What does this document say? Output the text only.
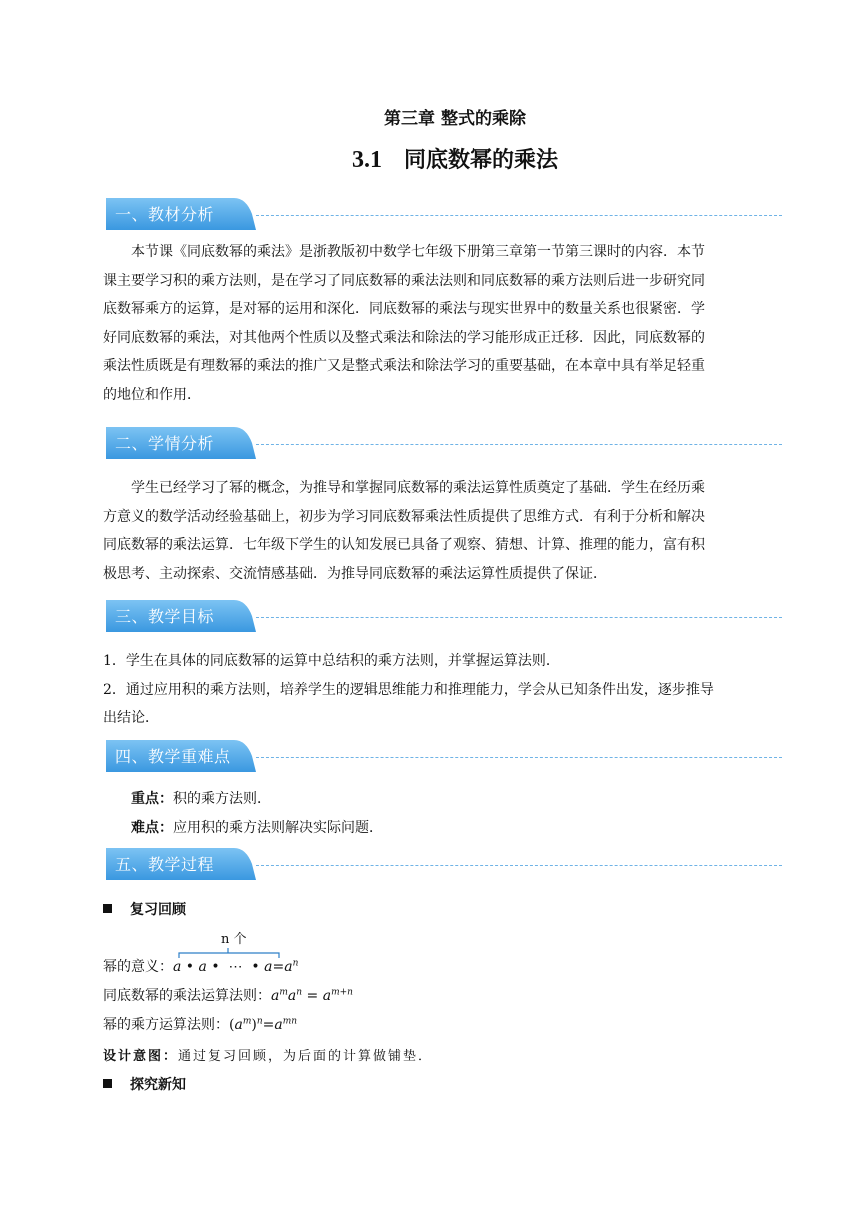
第三章 整式的乘除
3.1 同底数幂的乘法
一、教材分析
本节课《同底数幂的乘法》是浙教版初中数学七年级下册第三章第一节第三课时的内容．本节
课主要学习积的乘方法则，是在学习了同底数幂的乘法法则和同底数幂的乘方法则后进一步研究同
底数幂乘方的运算，是对幂的运用和深化．同底数幂的乘法与现实世界中的数量关系也很紧密．学
好同底数幂的乘法，对其他两个性质以及整式乘法和除法的学习能形成正迁移．因此，同底数幂的
乘法性质既是有理数幂的乘法的推广又是整式乘法和除法学习的重要基础，在本章中具有举足轻重
的地位和作用．
二、学情分析
学生已经学习了幂的概念，为推导和掌握同底数幂的乘法运算性质奠定了基础．学生在经历乘
方意义的数学活动经验基础上，初步为学习同底数幂乘法性质提供了思维方式．有利于分析和解决
同底数幂的乘法运算．七年级下学生的认知发展已具备了观察、猜想、计算、推理的能力，富有积
极思考、主动探索、交流情感基础．为推导同底数幂的乘法运算性质提供了保证．
三、教学目标
1．学生在具体的同底数幂的运算中总结积的乘方法则，并掌握运算法则．
2．通过应用积的乘方法则，培养学生的逻辑思维能力和推理能力，学会从已知条件出发，逐步推导
出结论．
四、教学重难点
重点：积的乘方法则．
难点：应用积的乘方法则解决实际问题．
五、教学过程
复习回顾
n 个
幂的意义：a • a •  ⋯  • $a=a^n$
同底数幂的乘法运算法则：$a^ma^n = a^{m+n}$
幂的乘方运算法则：$(a^m)^n=a^{mn}$
设计意图：通过复习回顾，为后面的计算做铺垫．
探究新知
